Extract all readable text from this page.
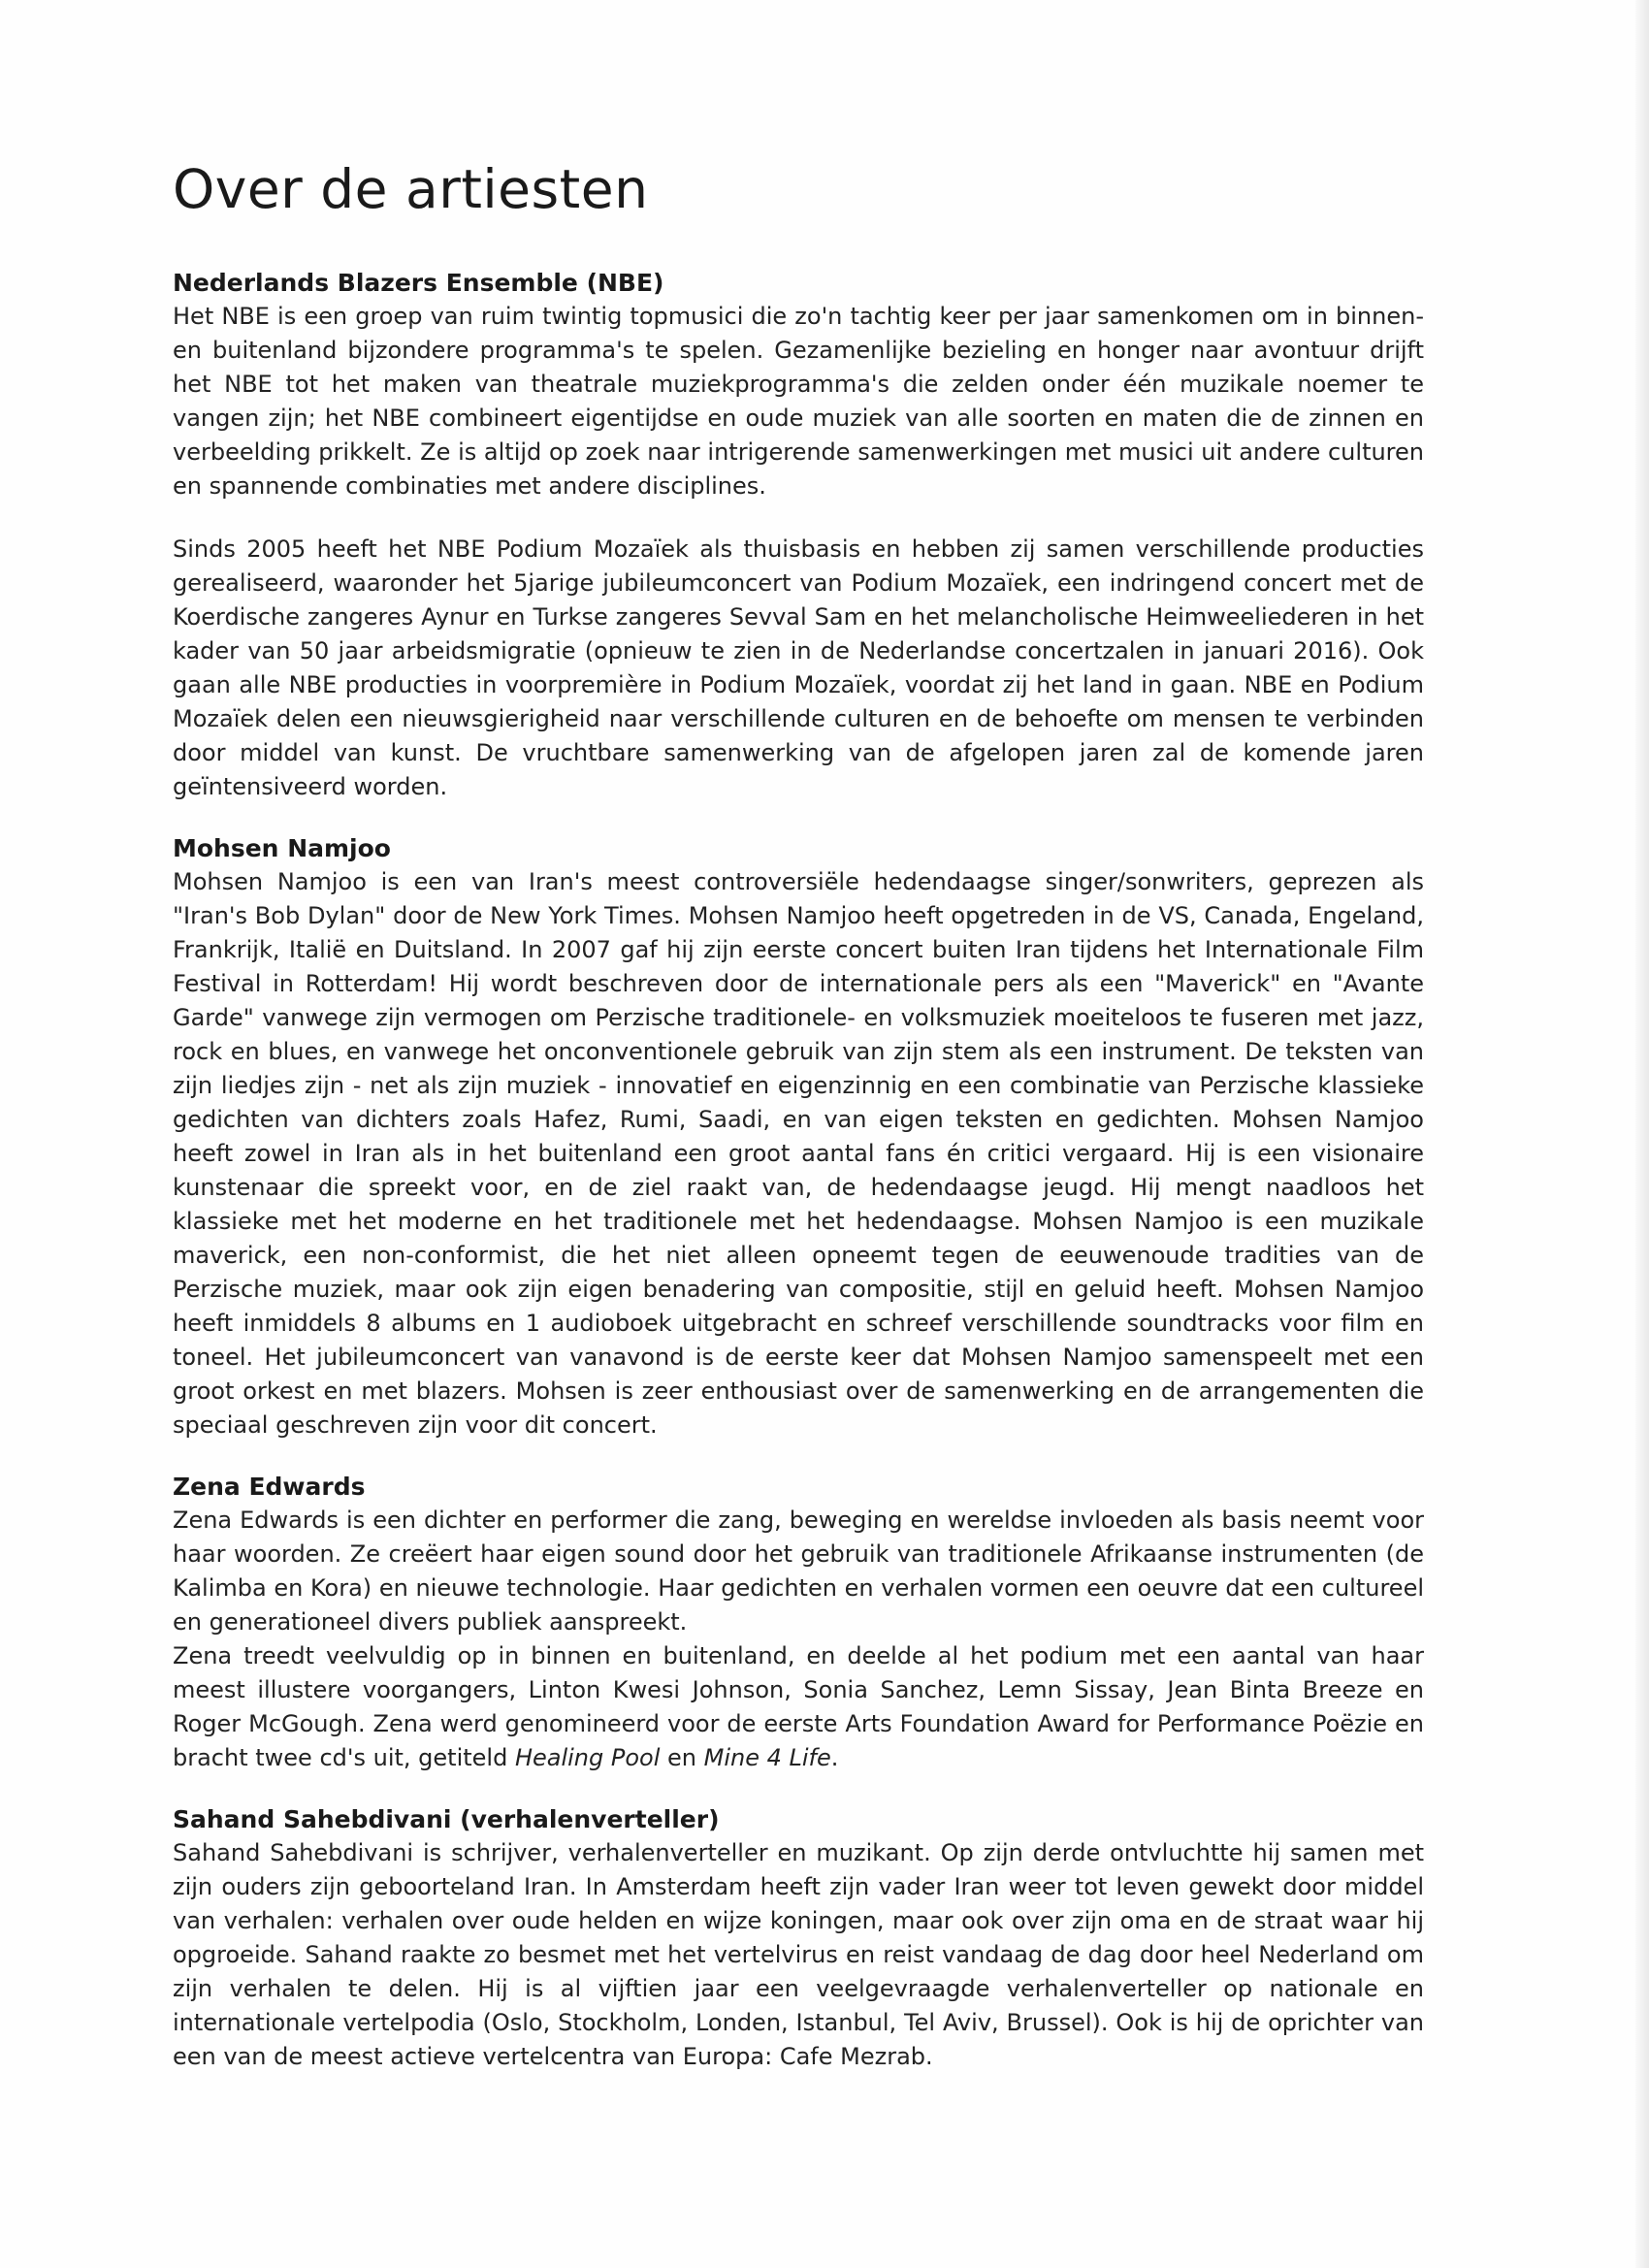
Over de artiesten
Nederlands Blazers Ensemble (NBE)

Het NBE is een groep van ruim twintig topmusici die zo'n tachtig keer per jaar samenkomen om in binnen- en buitenland bijzondere programma's te spelen. Gezamenlijke bezieling en honger naar avontuur drijft het NBE tot het maken van theatrale muziekprogramma's die zelden onder één muzikale noemer te vangen zijn; het NBE combineert eigentijdse en oude muziek van alle soorten en maten die de zinnen en verbeelding prikkelt. Ze is altijd op zoek naar intrigerende samenwerkingen met musici uit andere culturen en spannende combinaties met andere disciplines.

Sinds 2005 heeft het NBE Podium Mozaïek als thuisbasis en hebben zij samen verschillende producties gerealiseerd, waaronder het 5jarige jubileumconcert van Podium Mozaïek, een indringend concert met de Koerdische zangeres Aynur en Turkse zangeres Sevval Sam en het melancholische Heimweeliederen in het kader van 50 jaar arbeidsmigratie (opnieuw te zien in de Nederlandse concertzalen in januari 2016). Ook gaan alle NBE producties in voorpremière in Podium Mozaïek, voordat zij het land in gaan. NBE en Podium Mozaïek delen een nieuwsgierigheid naar verschillende culturen en de behoefte om mensen te verbinden door middel van kunst. De vruchtbare samenwerking van de afgelopen jaren zal de komende jaren geïntensiveerd worden.

Mohsen Namjoo

Mohsen Namjoo is een van Iran's meest controversiële hedendaagse singer/sonwriters, geprezen als "Iran's Bob Dylan" door de New York Times. Mohsen Namjoo heeft opgetreden in de VS, Canada, Engeland, Frankrijk, Italië en Duitsland. In 2007 gaf hij zijn eerste concert buiten Iran tijdens het Internationale Film Festival in Rotterdam! Hij wordt beschreven door de internationale pers als een "Maverick" en "Avante Garde" vanwege zijn vermogen om Perzische traditionele- en volksmuziek moeiteloos te fuseren met jazz, rock en blues, en vanwege het onconventionele gebruik van zijn stem als een instrument. De teksten van zijn liedjes zijn - net als zijn muziek - innovatief en eigenzinnig en een combinatie van Perzische klassieke gedichten van dichters zoals Hafez, Rumi, Saadi, en van eigen teksten en gedichten. Mohsen Namjoo heeft zowel in Iran als in het buitenland een groot aantal fans én critici vergaard. Hij is een visionaire kunstenaar die spreekt voor, en de ziel raakt van, de hedendaagse jeugd. Hij mengt naadloos het klassieke met het moderne en het traditionele met het hedendaagse. Mohsen Namjoo is een muzikale maverick, een non-conformist, die het niet alleen opneemt tegen de eeuwenoude tradities van de Perzische muziek, maar ook zijn eigen benadering van compositie, stijl en geluid heeft. Mohsen Namjoo heeft inmiddels 8 albums en 1 audioboek uitgebracht en schreef verschillende soundtracks voor film en toneel. Het jubileumconcert van vanavond is de eerste keer dat Mohsen Namjoo samenspeelt met een groot orkest en met blazers. Mohsen is zeer enthousiast over de samenwerking en de arrangementen die speciaal geschreven zijn voor dit concert.

Zena Edwards

Zena Edwards is een dichter en performer die zang, beweging en wereldse invloeden als basis neemt voor haar woorden. Ze creëert haar eigen sound door het gebruik van traditionele Afrikaanse instrumenten (de Kalimba en Kora) en nieuwe technologie. Haar gedichten en verhalen vormen een oeuvre dat een cultureel en generationeel divers publiek aanspreekt.

Zena treedt veelvuldig op in binnen en buitenland, en deelde al het podium met een aantal van haar meest illustere voorgangers, Linton Kwesi Johnson, Sonia Sanchez, Lemn Sissay, Jean Binta Breeze en Roger McGough. Zena werd genomineerd voor de eerste Arts Foundation Award for Performance Poëzie en bracht twee cd's uit, getiteld Healing Pool en Mine 4 Life.

Sahand Sahebdivani (verhalenverteller)

Sahand Sahebdivani is schrijver, verhalenverteller en muzikant. Op zijn derde ontvluchtte hij samen met zijn ouders zijn geboorteland Iran. In Amsterdam heeft zijn vader Iran weer tot leven gewekt door middel van verhalen: verhalen over oude helden en wijze koningen, maar ook over zijn oma en de straat waar hij opgroeide. Sahand raakte zo besmet met het vertelvirus en reist vandaag de dag door heel Nederland om zijn verhalen te delen. Hij is al vijftien jaar een veelgevraagde verhalenverteller op nationale en internationale vertelpodia (Oslo, Stockholm, Londen, Istanbul, Tel Aviv, Brussel). Ook is hij de oprichter van een van de meest actieve vertelcentra van Europa: Cafe Mezrab.
